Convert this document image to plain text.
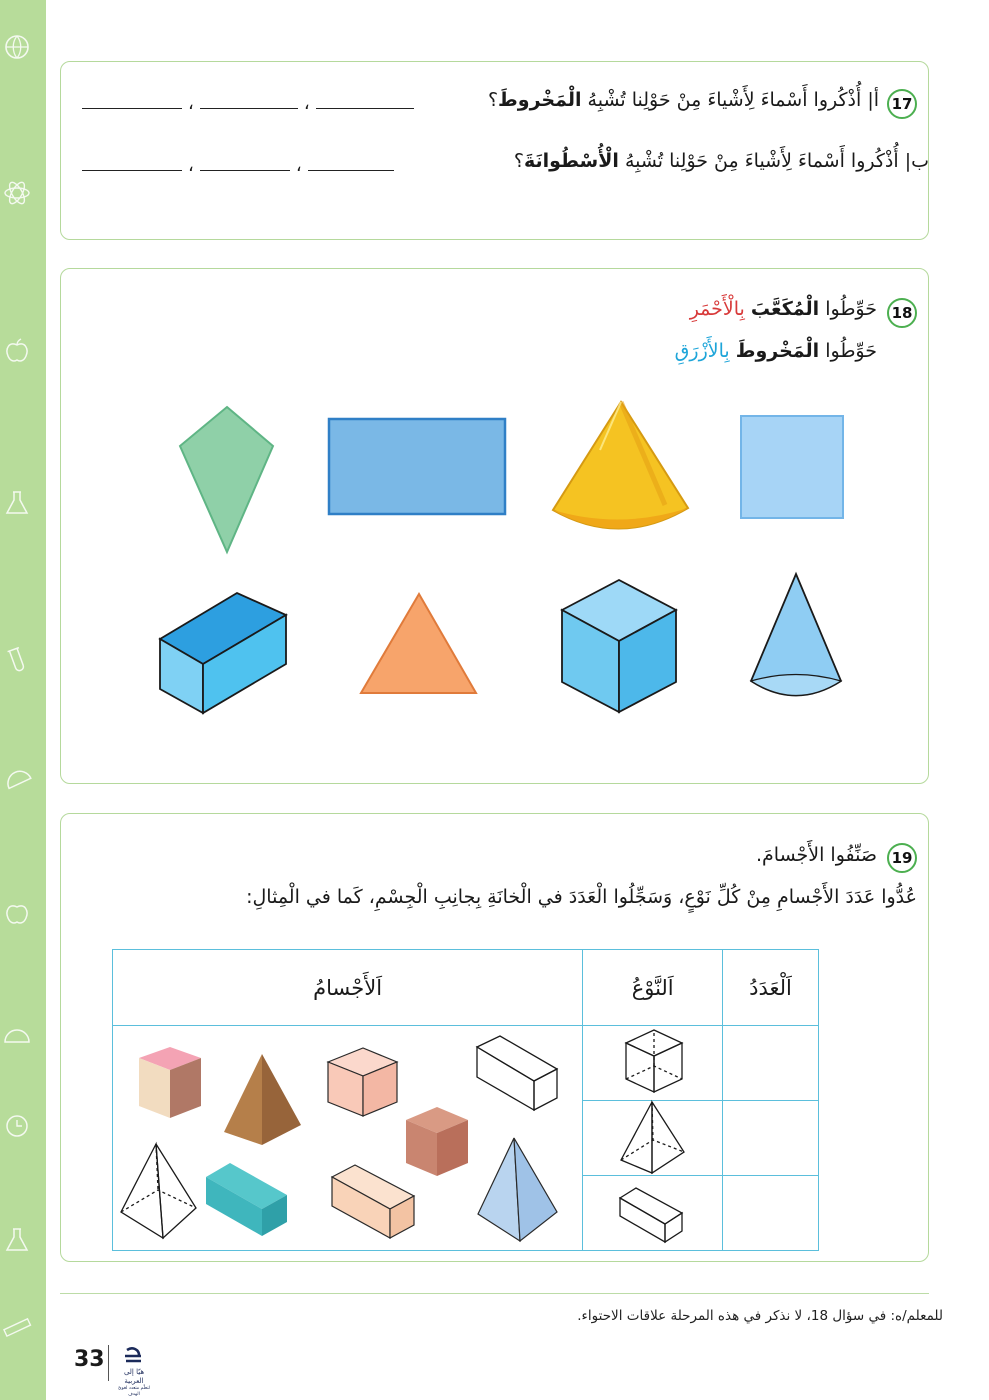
17
أ| أُذْكُروا أَسْماءَ لِأَشْياءَ مِنْ حَوْلِنا تُشْبِهُ الْمَخْروطَ؟
،	،
ب| أُذْكُروا أَسْماءَ لِأَشْياءَ مِنْ حَوْلِنا تُشْبِهُ الْأُسْطُوانَةَ؟
،	،
18
حَوِّطُوا الْمُكَعَّبَ بِالْأَحْمَرِ
حَوِّطُوا الْمَخْروطَ بِالأَزْرَقِ
19
صَنِّفُوا الأَجْسامَ.
عُدُّوا عَدَدَ الأَجْسامِ مِنْ كُلِّ نَوْعٍ، وَسَجِّلُوا الْعَدَدَ في الْخانَةِ بِجانِبِ الْجِسْمِ، كَما في الْمِثالِ:
اَلأَجْسامُ	اَلنَّوْعُ	اَلْعَدَدُ

للمعلم/ه: في سؤال 18، لا نذكر في هذه المرحلة علاقات الاحتواء.
33	هيّا إلى العربية
لتعلّم متعدد لغويّ الهدف
